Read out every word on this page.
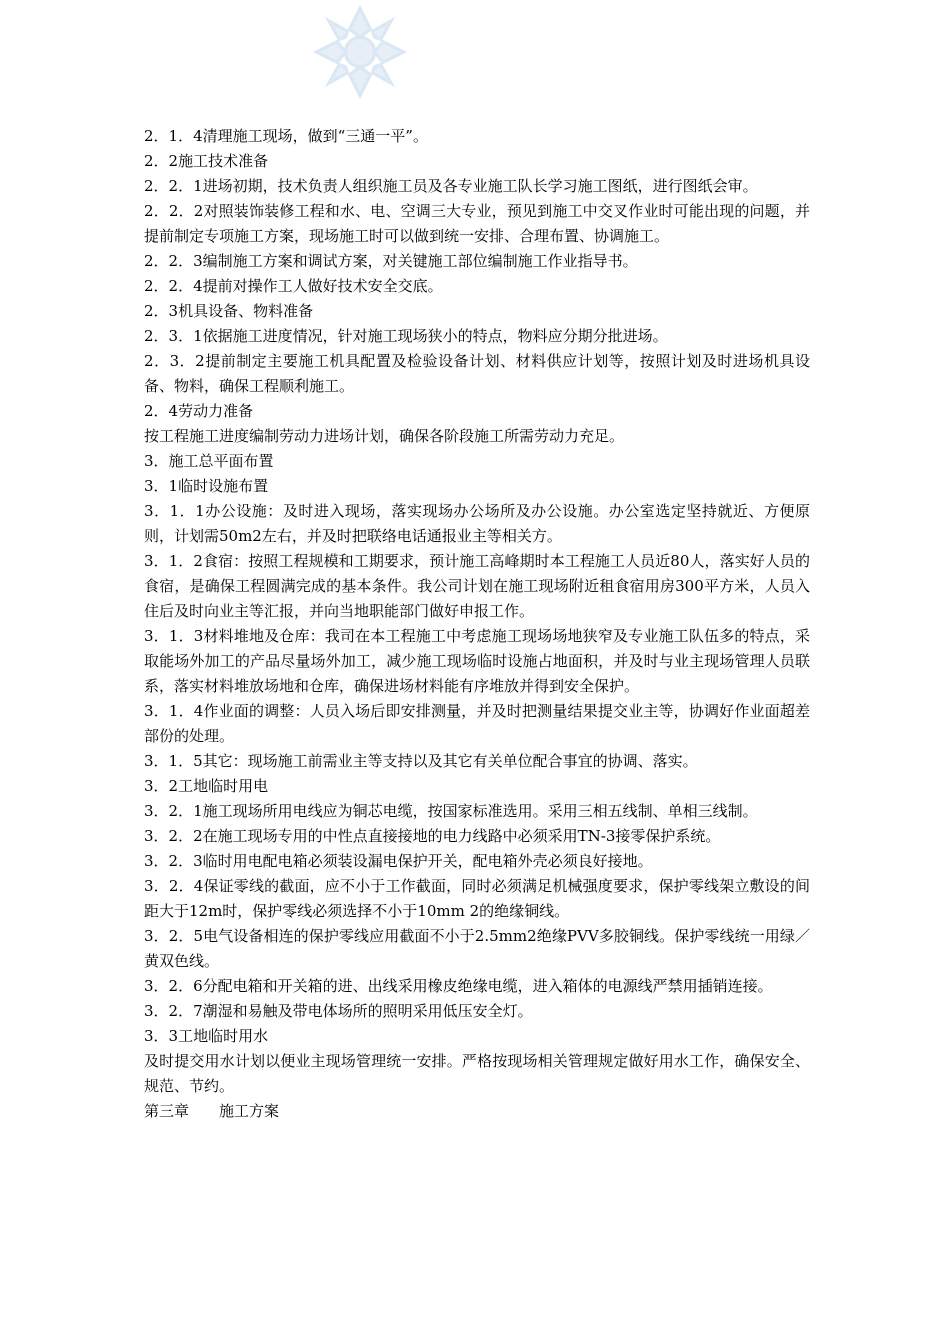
2．1．4清理施工现场，做到“三通一平”。

2．2施工技术准备

2．2．1进场初期，技术负责人组织施工员及各专业施工队长学习施工图纸，进行图纸会审。

2．2．2对照装饰装修工程和水、电、空调三大专业，预见到施工中交叉作业时可能出现的问题，并提前制定专项施工方案，现场施工时可以做到统一安排、合理布置、协调施工。

2．2．3编制施工方案和调试方案，对关键施工部位编制施工作业指导书。

2．2．4提前对操作工人做好技术安全交底。

2．3机具设备、物料准备

2．3．1依据施工进度情况，针对施工现场狭小的特点，物料应分期分批进场。

2．3．2提前制定主要施工机具配置及检验设备计划、材料供应计划等，按照计划及时进场机具设备、物料，确保工程顺利施工。

2．4劳动力准备

按工程施工进度编制劳动力进场计划，确保各阶段施工所需劳动力充足。

3．施工总平面布置

3．1临时设施布置

3．1．1办公设施：及时进入现场，落实现场办公场所及办公设施。办公室选定坚持就近、方便原则，计划需50m2左右，并及时把联络电话通报业主等相关方。

3．1．2食宿：按照工程规模和工期要求，预计施工高峰期时本工程施工人员近80人，落实好人员的食宿，是确保工程圆满完成的基本条件。我公司计划在施工现场附近租食宿用房300平方米，人员入住后及时向业主等汇报，并向当地职能部门做好申报工作。

3．1．3材料堆地及仓库：我司在本工程施工中考虑施工现场场地狭窄及专业施工队伍多的特点，采取能场外加工的产品尽量场外加工，减少施工现场临时设施占地面积，并及时与业主现场管理人员联系，落实材料堆放场地和仓库，确保进场材料能有序堆放并得到安全保护。

3．1．4作业面的调整：人员入场后即安排测量，并及时把测量结果提交业主等，协调好作业面超差部份的处理。

3．1．5其它：现场施工前需业主等支持以及其它有关单位配合事宜的协调、落实。

3．2工地临时用电

3．2．1施工现场所用电线应为铜芯电缆，按国家标准选用。采用三相五线制、单相三线制。

3．2．2在施工现场专用的中性点直接接地的电力线路中必须采用TN-3接零保护系统。

3．2．3临时用电配电箱必须装设漏电保护开关，配电箱外壳必须良好接地。

3．2．4保证零线的截面，应不小于工作截面，同时必须满足机械强度要求，保护零线架立敷设的间距大于12m时，保护零线必须选择不小于10mm 2的绝缘铜线。

3．2．5电气设备相连的保护零线应用截面不小于2.5mm2绝缘PVV多胶铜线。保护零线统一用绿／黄双色线。

3．2．6分配电箱和开关箱的进、出线采用橡皮绝缘电缆，进入箱体的电源线严禁用插销连接。

3．2．7潮湿和易触及带电体场所的照明采用低压安全灯。

3．3工地临时用水

及时提交用水计划以便业主现场管理统一安排。严格按现场相关管理规定做好用水工作，确保安全、规范、节约。

第三章　　施工方案
